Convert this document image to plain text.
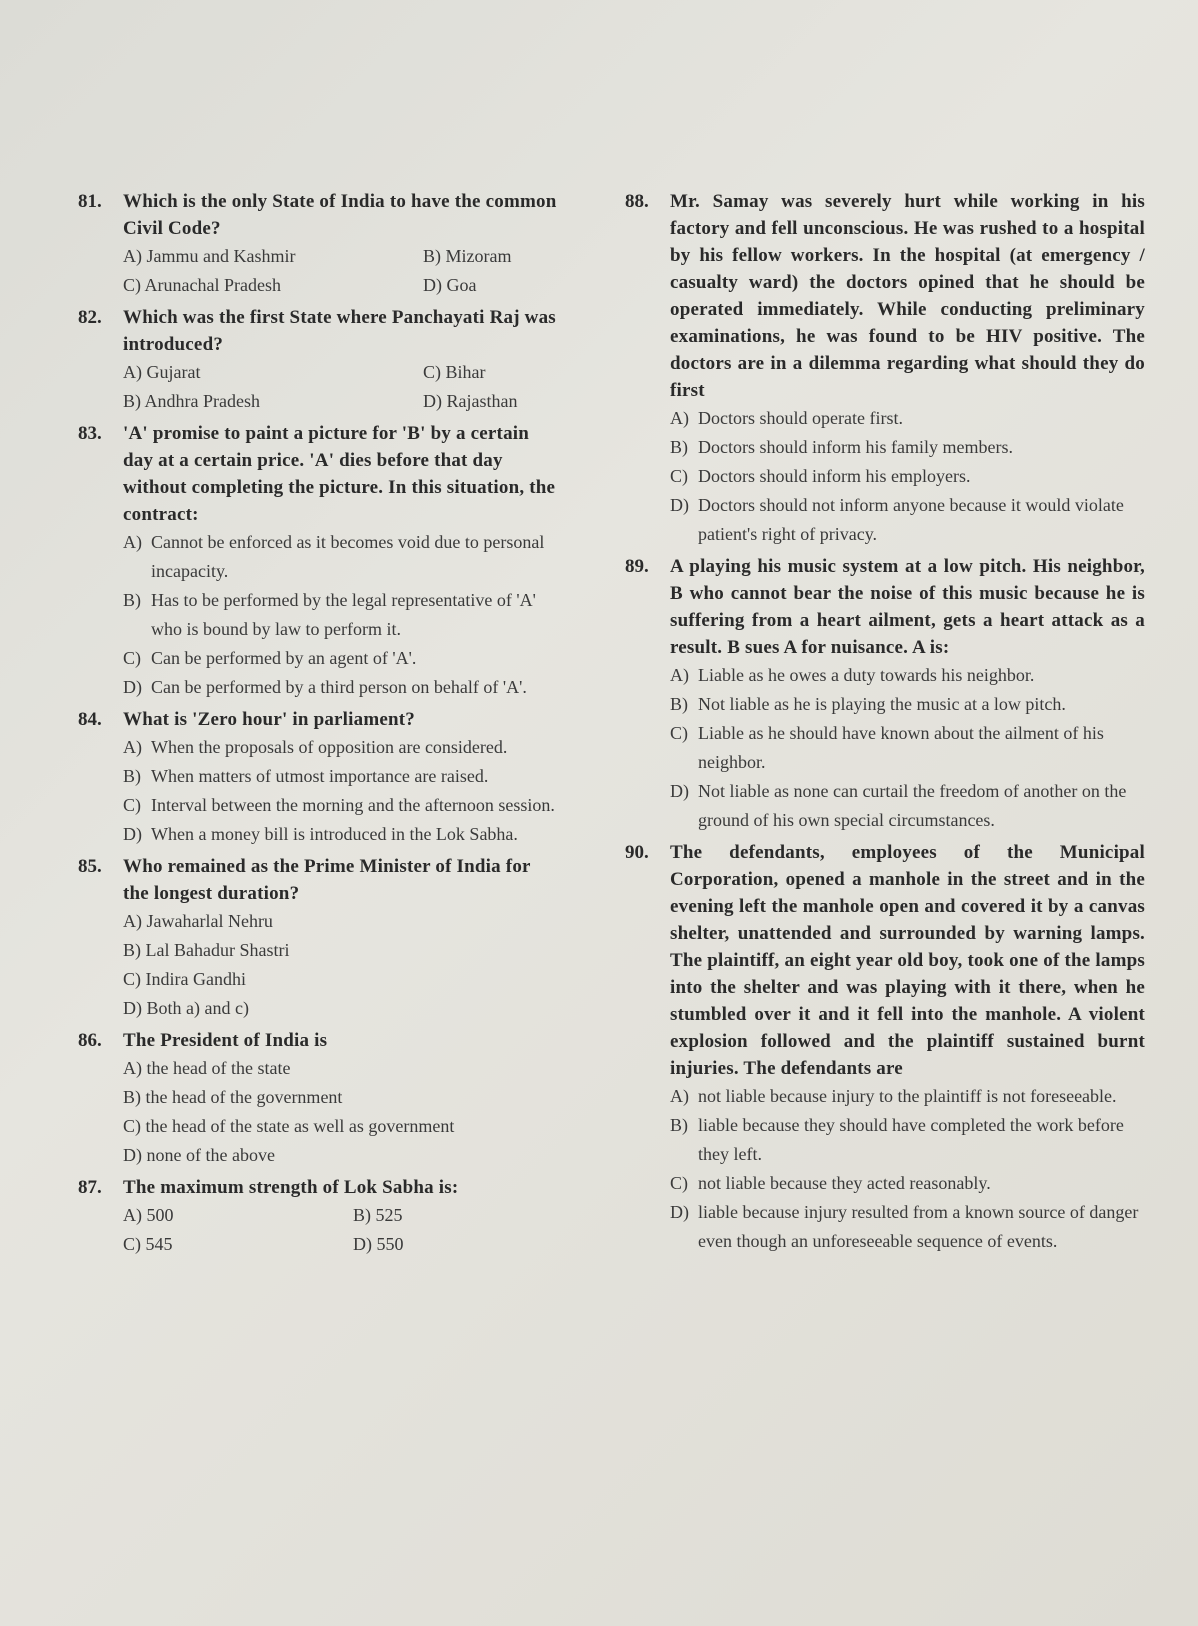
81. Which is the only State of India to have the common Civil Code?
A) Jammu and Kashmir	B) Mizoram
C) Arunachal Pradesh	D) Goa
82. Which was the first State where Panchayati Raj was introduced?
A) Gujarat	C) Bihar
B) Andhra Pradesh	D) Rajasthan
83. 'A' promise to paint a picture for 'B' by a certain day at a certain price. 'A' dies before that day without completing the picture. In this situation, the contract:
A) Cannot be enforced as it becomes void due to personal incapacity.
B) Has to be performed by the legal representative of 'A' who is bound by law to perform it.
C) Can be performed by an agent of 'A'.
D) Can be performed by a third person on behalf of 'A'.
84. What is 'Zero hour' in parliament?
A) When the proposals of opposition are considered.
B) When matters of utmost importance are raised.
C) Interval between the morning and the afternoon session.
D) When a money bill is introduced in the Lok Sabha.
85. Who remained as the Prime Minister of India for the longest duration?
A) Jawaharlal Nehru
B) Lal Bahadur Shastri
C) Indira Gandhi
D) Both a) and c)
86. The President of India is
A) the head of the state
B) the head of the government
C) the head of the state as well as government
D) none of the above
87. The maximum strength of Lok Sabha is:
A) 500	B) 525
C) 545	D) 550
88. Mr. Samay was severely hurt while working in his factory and fell unconscious. He was rushed to a hospital by his fellow workers. In the hospital (at emergency / casualty ward) the doctors opined that he should be operated immediately. While conducting preliminary examinations, he was found to be HIV positive. The doctors are in a dilemma regarding what should they do first
A) Doctors should operate first.
B) Doctors should inform his family members.
C) Doctors should inform his employers.
D) Doctors should not inform anyone because it would violate patient's right of privacy.
89. A playing his music system at a low pitch. His neighbor, B who cannot bear the noise of this music because he is suffering from a heart ailment, gets a heart attack as a result. B sues A for nuisance. A is:
A) Liable as he owes a duty towards his neighbor.
B) Not liable as he is playing the music at a low pitch.
C) Liable as he should have known about the ailment of his neighbor.
D) Not liable as none can curtail the freedom of another on the ground of his own special circumstances.
90. The defendants, employees of the Municipal Corporation, opened a manhole in the street and in the evening left the manhole open and covered it by a canvas shelter, unattended and surrounded by warning lamps. The plaintiff, an eight year old boy, took one of the lamps into the shelter and was playing with it there, when he stumbled over it and it fell into the manhole. A violent explosion followed and the plaintiff sustained burnt injuries. The defendants are
A) not liable because injury to the plaintiff is not foreseeable.
B) liable because they should have completed the work before they left.
C) not liable because they acted reasonably.
D) liable because injury resulted from a known source of danger even though an unforeseeable sequence of events.
